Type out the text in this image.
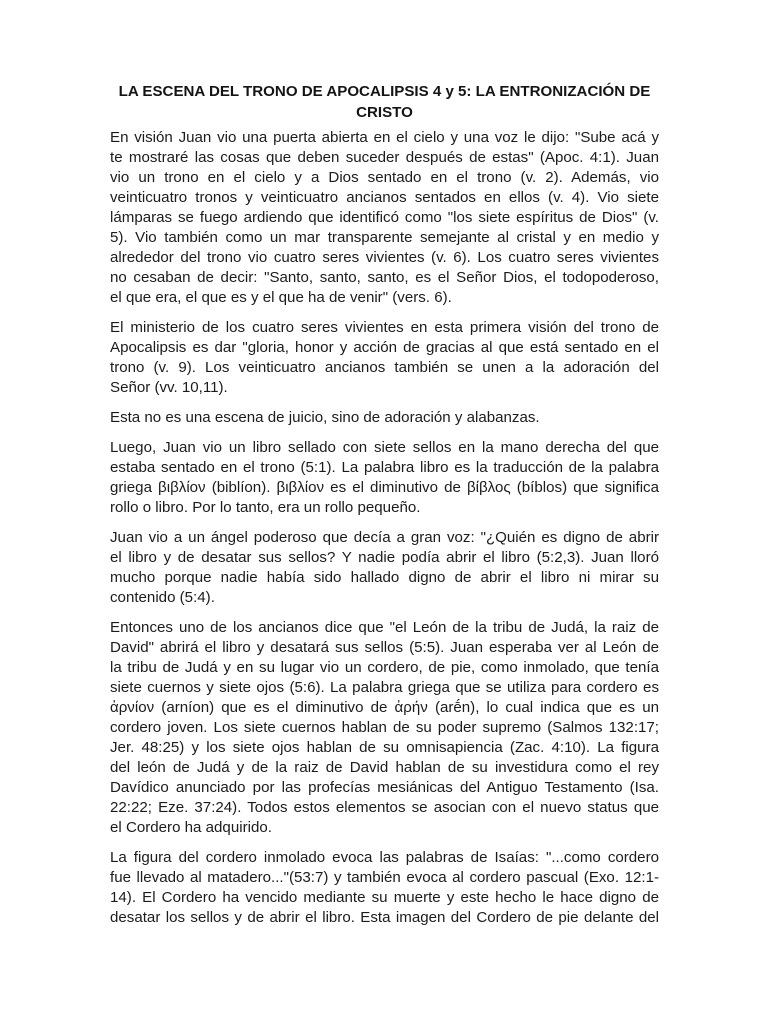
LA ESCENA DEL TRONO DE APOCALIPSIS 4 y 5: LA ENTRONIZACIÓN DE
CRISTO
En visión Juan vio una puerta abierta en el cielo y una voz le dijo: "Sube acá y
te mostraré las cosas que deben suceder después de estas" (Apoc. 4:1). Juan
vio un trono en el cielo y a Dios sentado en el trono (v. 2). Además, vio
veinticuatro tronos y veinticuatro ancianos sentados en ellos (v. 4). Vio siete
lámparas se fuego ardiendo que identificó como "los siete espíritus de Dios" (v.
5). Vio también como un mar transparente semejante al cristal y en medio y
alrededor del trono vio cuatro seres vivientes (v. 6). Los cuatro seres vivientes
no cesaban de decir: "Santo, santo, santo, es el Señor Dios, el todopoderoso,
el que era, el que es y el que ha de venir" (vers. 6).
El ministerio de los cuatro seres vivientes en esta primera visión del trono de
Apocalipsis es dar "gloria, honor y acción de gracias al que está sentado en el
trono (v. 9). Los veinticuatro ancianos también se unen a la adoración del
Señor (vv. 10,11).
Esta no es una escena de juicio, sino de adoración y alabanzas.
Luego, Juan vio un libro sellado con siete sellos en la mano derecha del que
estaba sentado en el trono (5:1). La palabra libro es la traducción de la palabra
griega βιβλίον (biblíon). βιβλίον es el diminutivo de βίβλος (bíblos) que significa
rollo o libro. Por lo tanto, era un rollo pequeño.
Juan vio a un ángel poderoso que decía a gran voz: "¿Quién es digno de abrir
el libro y de desatar sus sellos? Y nadie podía abrir el libro (5:2,3). Juan lloró
mucho porque nadie había sido hallado digno de abrir el libro ni mirar su
contenido (5:4).
Entonces uno de los ancianos dice que "el León de la tribu de Judá, la raiz de
David" abrirá el libro y desatará sus sellos (5:5). Juan esperaba ver al León de
la tribu de Judá y en su lugar vio un cordero, de pie, como inmolado, que tenía
siete cuernos y siete ojos (5:6). La palabra griega que se utiliza para cordero es
ἀρνίον (arníon) que es el diminutivo de ἀρήν (arḗn), lo cual indica que es un
cordero joven. Los siete cuernos hablan de su poder supremo (Salmos 132:17;
Jer. 48:25) y los siete ojos hablan de su omnisapiencia (Zac. 4:10). La figura
del león de Judá y de la raiz de David hablan de su investidura como el rey
Davídico anunciado por las profecías mesiánicas del Antiguo Testamento (Isa.
22:22; Eze. 37:24). Todos estos elementos se asocian con el nuevo status que
el Cordero ha adquirido.
La figura del cordero inmolado evoca las palabras de Isaías: "...como cordero
fue llevado al matadero..."(53:7) y también evoca al cordero pascual (Exo. 12:1-
14). El Cordero ha vencido mediante su muerte y este hecho le hace digno de
desatar los sellos y de abrir el libro. Esta imagen del Cordero de pie delante del
